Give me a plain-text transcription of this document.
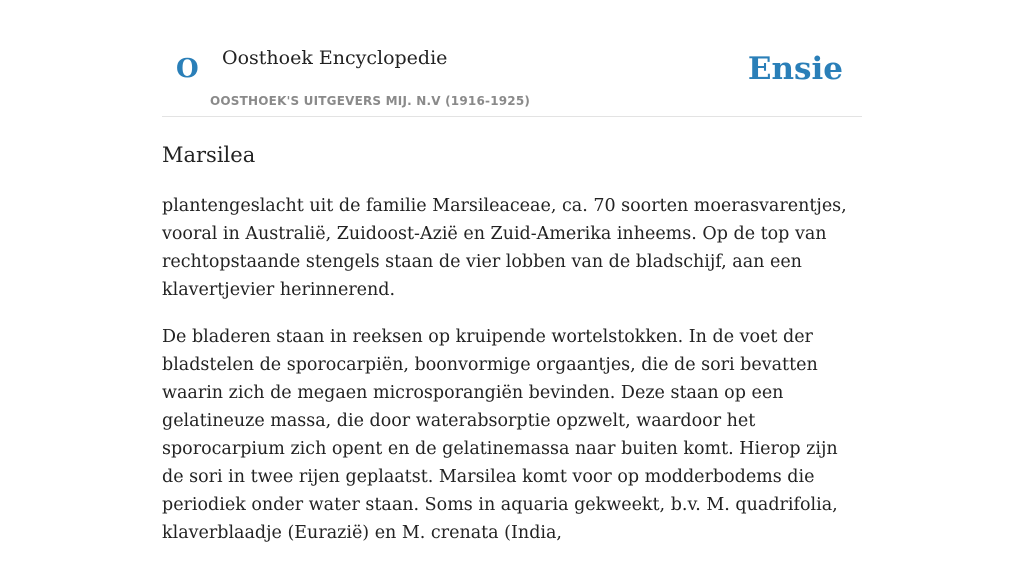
O Oosthoek Encyclopedie
OOSTHOEK'S UITGEVERS MIJ. N.V (1916-1925)
Ensie
Marsilea

plantengeslacht uit de familie Marsileaceae, ca. 70 soorten moerasvarentjes, vooral in Australië, Zuidoost-Azië en Zuid-Amerika inheems. Op de top van rechtopstaande stengels staan de vier lobben van de bladschijf, aan een klavertjevier herinnerend.

De bladeren staan in reeksen op kruipende wortelstokken. In de voet der bladstelen de sporocarpiën, boonvormige orgaantjes, die de sori bevatten waarin zich de megaen microsporangiën bevinden. Deze staan op een gelatineuze massa, die door waterabsorptie opzwelt, waardoor het sporocarpium zich opent en de gelatinemassa naar buiten komt. Hierop zijn de sori in twee rijen geplaatst. Marsilea komt voor op modderbodems die periodiek onder water staan. Soms in aquaria gekweekt, b.v. M. quadrifolia, klaverblaadje (Eurazië) en M. crenata (India,
